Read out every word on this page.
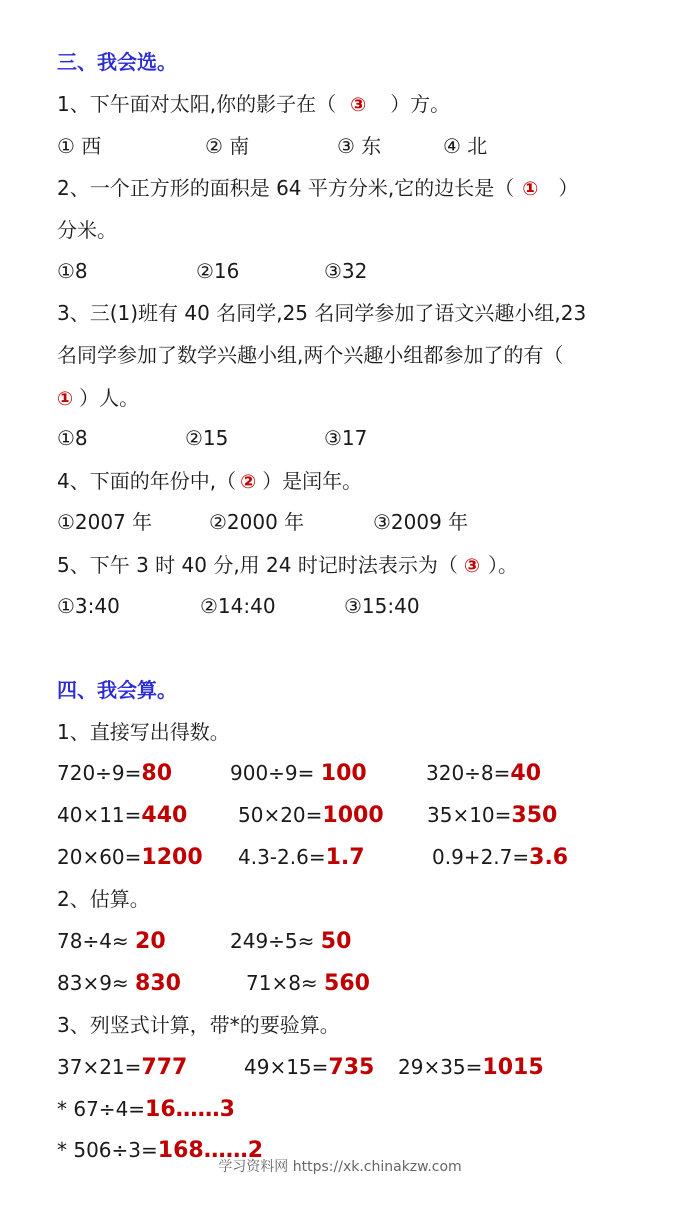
三、我会选。
1、下午面对太阳,你的影子在（ ③ ）方。
① 西	② 南	③ 东	④ 北
2、一个正方形的面积是 64 平方分米,它的边长是（ ① ）
分米。
①8	②16	③32
3、三(1)班有 40 名同学,25 名同学参加了语文兴趣小组,23
名同学参加了数学兴趣小组,两个兴趣小组都参加了的有（
① ）人。
①8	②15	③17
4、下面的年份中,（ ② ）是闰年。
①2007 年	②2000 年	③2009 年
5、下午 3 时 40 分,用 24 时记时法表示为（ ③ ）。
①3:40	②14:40	③15:40
四、我会算。
1、直接写出得数。
720÷9=80	900÷9= 100	320÷8=40
40×11=440	50×20=1000 35×10=350
20×60=1200 4.3-2.6=1.7	0.9+2.7=3.6
2、估算。
78÷4≈ 20	249÷5≈ 50
83×9≈ 830	71×8≈ 560
3、列竖式计算，带*的要验算。
37×21=777	49×15=735 29×35=1015
* 67÷4=16……3
* 506÷3=168……2
学习资料网 https://xk.chinakzw.com
